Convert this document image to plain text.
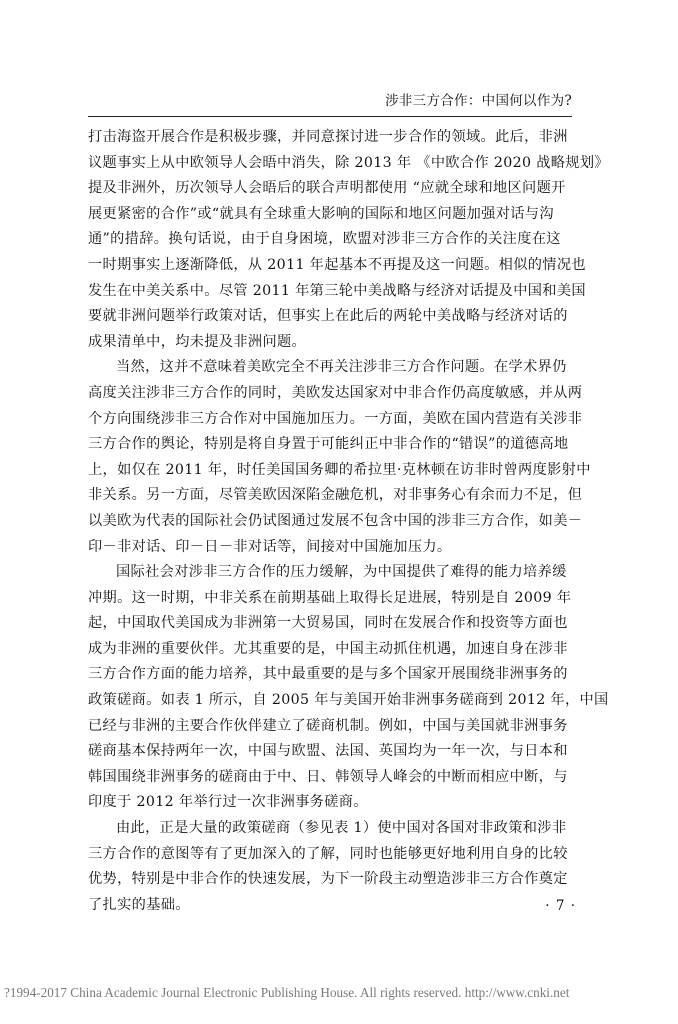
涉非三方合作：中国何以作为?
打击海盗开展合作是积极步骤，并同意探讨进一步合作的领域。此后，非洲
议题事实上从中欧领导人会晤中消失，除 2013 年 《中欧合作 2020 战略规划》
提及非洲外，历次领导人会晤后的联合声明都使用 “应就全球和地区问题开
展更紧密的合作”或“就具有全球重大影响的国际和地区问题加强对话与沟
通”的措辞。换句话说，由于自身困境，欧盟对涉非三方合作的关注度在这
一时期事实上逐渐降低，从 2011 年起基本不再提及这一问题。相似的情况也
发生在中美关系中。尽管 2011 年第三轮中美战略与经济对话提及中国和美国
要就非洲问题举行政策对话，但事实上在此后的两轮中美战略与经济对话的
成果清单中，均未提及非洲问题。
当然，这并不意味着美欧完全不再关注涉非三方合作问题。在学术界仍
高度关注涉非三方合作的同时，美欧发达国家对中非合作仍高度敏感，并从两
个方向围绕涉非三方合作对中国施加压力。一方面，美欧在国内营造有关涉非
三方合作的舆论，特别是将自身置于可能纠正中非合作的“错误”的道德高地
上，如仅在 2011 年，时任美国国务卿的希拉里·克林顿在访非时曾两度影射中
非关系。另一方面，尽管美欧因深陷金融危机，对非事务心有余而力不足，但
以美欧为代表的国际社会仍试图通过发展不包含中国的涉非三方合作，如美－
印－非对话、印－日－非对话等，间接对中国施加压力。
国际社会对涉非三方合作的压力缓解，为中国提供了难得的能力培养缓
冲期。这一时期，中非关系在前期基础上取得长足进展，特别是自 2009 年
起，中国取代美国成为非洲第一大贸易国，同时在发展合作和投资等方面也
成为非洲的重要伙伴。尤其重要的是，中国主动抓住机遇，加速自身在涉非
三方合作方面的能力培养，其中最重要的是与多个国家开展围绕非洲事务的
政策磋商。如表 1 所示，自 2005 年与美国开始非洲事务磋商到 2012 年，中国
已经与非洲的主要合作伙伴建立了磋商机制。例如，中国与美国就非洲事务
磋商基本保持两年一次，中国与欧盟、法国、英国均为一年一次，与日本和
韩国围绕非洲事务的磋商由于中、日、韩领导人峰会的中断而相应中断，与
印度于 2012 年举行过一次非洲事务磋商。
由此，正是大量的政策磋商（参见表 1）使中国对各国对非政策和涉非
三方合作的意图等有了更加深入的了解，同时也能够更好地利用自身的比较
优势，特别是中非合作的快速发展，为下一阶段主动塑造涉非三方合作奠定
了扎实的基础。	· 7 ·
?1994-2017 China Academic Journal Electronic Publishing House. All rights reserved. http://www.cnki.net
